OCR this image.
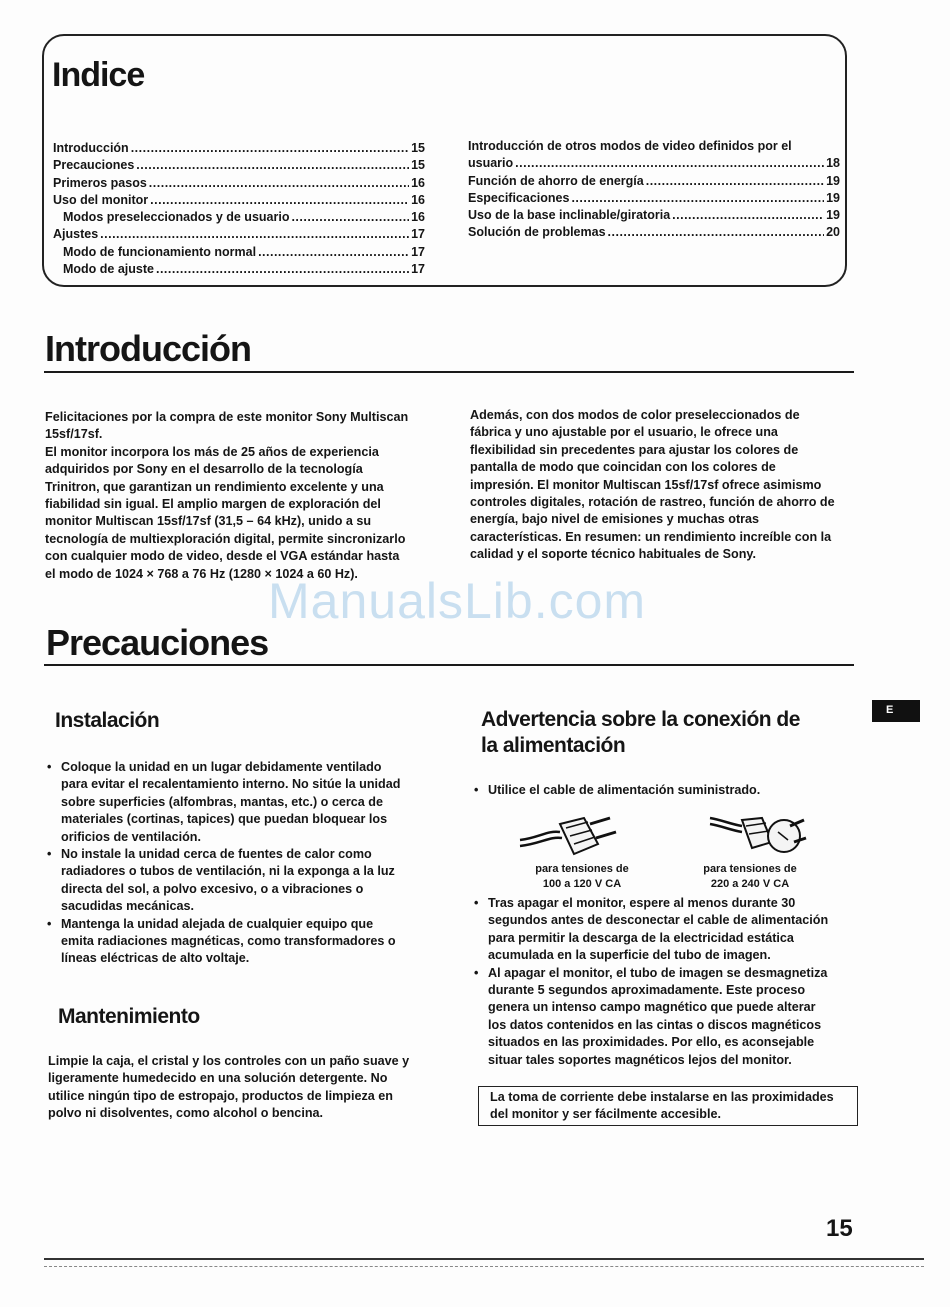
Indice
Introducción .....	15
Precauciones .....	15
Primeros pasos .....	16
Uso del monitor .....	16
Modos preseleccionados y de usuario .....	16
Ajustes .....	17
Modo de funcionamiento normal .....	17
Modo de ajuste .....	17
Introducción de otros modos de video definidos por el
usuario .....	18
Función de ahorro de energía .....	19
Especificaciones .....	19
Uso de la base inclinable/giratoria .....	19
Solución de problemas .....	20
Introducción
Felicitaciones por la compra de este monitor Sony Multiscan
15sf/17sf.
El monitor incorpora los más de 25 años de experiencia
adquiridos por Sony en el desarrollo de la tecnología
Trinitron, que garantizan un rendimiento excelente y una
fiabilidad sin igual. El amplio margen de exploración del
monitor Multiscan 15sf/17sf (31,5 – 64 kHz), unido a su
tecnología de multiexploración digital, permite sincronizarlo
con cualquier modo de video, desde el VGA estándar hasta
el modo de 1024 × 768 a 76 Hz (1280 × 1024 a 60 Hz).
Además, con dos modos de color preseleccionados de
fábrica y uno ajustable por el usuario, le ofrece una
flexibilidad sin precedentes para ajustar los colores de
pantalla de modo que coincidan con los colores de
impresión. El monitor Multiscan 15sf/17sf ofrece asimismo
controles digitales, rotación de rastreo, función de ahorro de
energía, bajo nivel de emisiones y muchas otras
características. En resumen: un rendimiento increíble con la
calidad y el soporte técnico habituales de Sony.
ManualsLib.com
Precauciones
E
Instalación
• Coloque la unidad en un lugar debidamente ventilado
para evitar el recalentamiento interno. No sitúe la unidad
sobre superficies (alfombras, mantas, etc.) o cerca de
materiales (cortinas, tapices) que puedan bloquear los
orificios de ventilación.
• No instale la unidad cerca de fuentes de calor como
radiadores o tubos de ventilación, ni la exponga a la luz
directa del sol, a polvo excesivo, o a vibraciones o
sacudidas mecánicas.
• Mantenga la unidad alejada de cualquier equipo que
emita radiaciones magnéticas, como transformadores o
líneas eléctricas de alto voltaje.
Mantenimiento
Limpie la caja, el cristal y los controles con un paño suave y
ligeramente humedecido en una solución detergente. No
utilice ningún tipo de estropajo, productos de limpieza en
polvo ni disolventes, como alcohol o bencina.
Advertencia sobre la conexión de
la alimentación
• Utilice el cable de alimentación suministrado.
para tensiones de
100 a 120 V CA
para tensiones de
220 a 240 V CA
• Tras apagar el monitor, espere al menos durante 30
segundos antes de desconectar el cable de alimentación
para permitir la descarga de la electricidad estática
acumulada en la superficie del tubo de imagen.
• Al apagar el monitor, el tubo de imagen se desmagnetiza
durante 5 segundos aproximadamente. Este proceso
genera un intenso campo magnético que puede alterar
los datos contenidos en las cintas o discos magnéticos
situados en las proximidades. Por ello, es aconsejable
situar tales soportes magnéticos lejos del monitor.
La toma de corriente debe instalarse en las proximidades
del monitor y ser fácilmente accesible.
15
